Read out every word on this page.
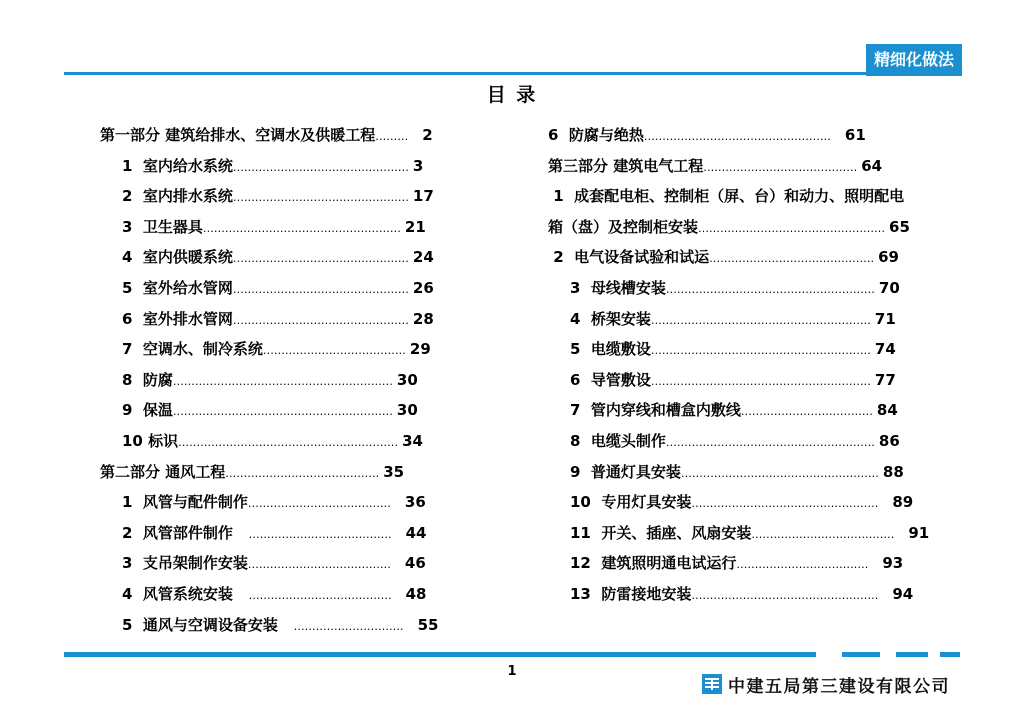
精细化做法
目 录
第一部分 建筑给排水、空调水及供暖工程 ……… 2
1  室内给水系统 ………………………………………… 3
2  室内排水系统 ………………………………………… 17
3  卫生器具 ……………………………………………… 21
4  室内供暖系统 ………………………………………… 24
5  室外给水管网 ………………………………………… 26
6  室外排水管网 ………………………………………… 28
7  空调水、制冷系统 ………………………………… 29
8  防腐 …………………………………………………… 30
9  保温 …………………………………………………… 30
10 标识 …………………………………………………… 34
第二部分 通风工程 …………………………………… 35
1  风管与配件制作 ………………………………… 36
2  风管部件制作 ………………………………… 44
3  支吊架制作安装 ………………………………… 46
4  风管系统安装 ………………………………… 48
5  通风与空调设备安装 ………………………… 55
6  防腐与绝热 …………………………………………… 61
第三部分 建筑电气工程 …………………………………… 64
1  成套配电柜、控制柜（屏、台）和动力、照明配电
箱（盘）及控制柜安装 …………………………………………… 65
2  电气设备试验和试运 ……………………………………… 69
3  母线槽安装 ………………………………………………… 70
4  桥架安装 …………………………………………………… 71
5  电缆敷设 …………………………………………………… 74
6  导管敷设 …………………………………………………… 77
7  管内穿线和槽盒内敷线 ……………………………… 84
8  电缆头制作 ………………………………………………… 86
9  普通灯具安装 ……………………………………………… 88
10  专用灯具安装 …………………………………………… 89
11  开关、插座、风扇安装 ………………………………… 91
12  建筑照明通电试运行 ……………………………… 93
13  防雷接地安装 …………………………………………… 94
1
中建五局第三建设有限公司
